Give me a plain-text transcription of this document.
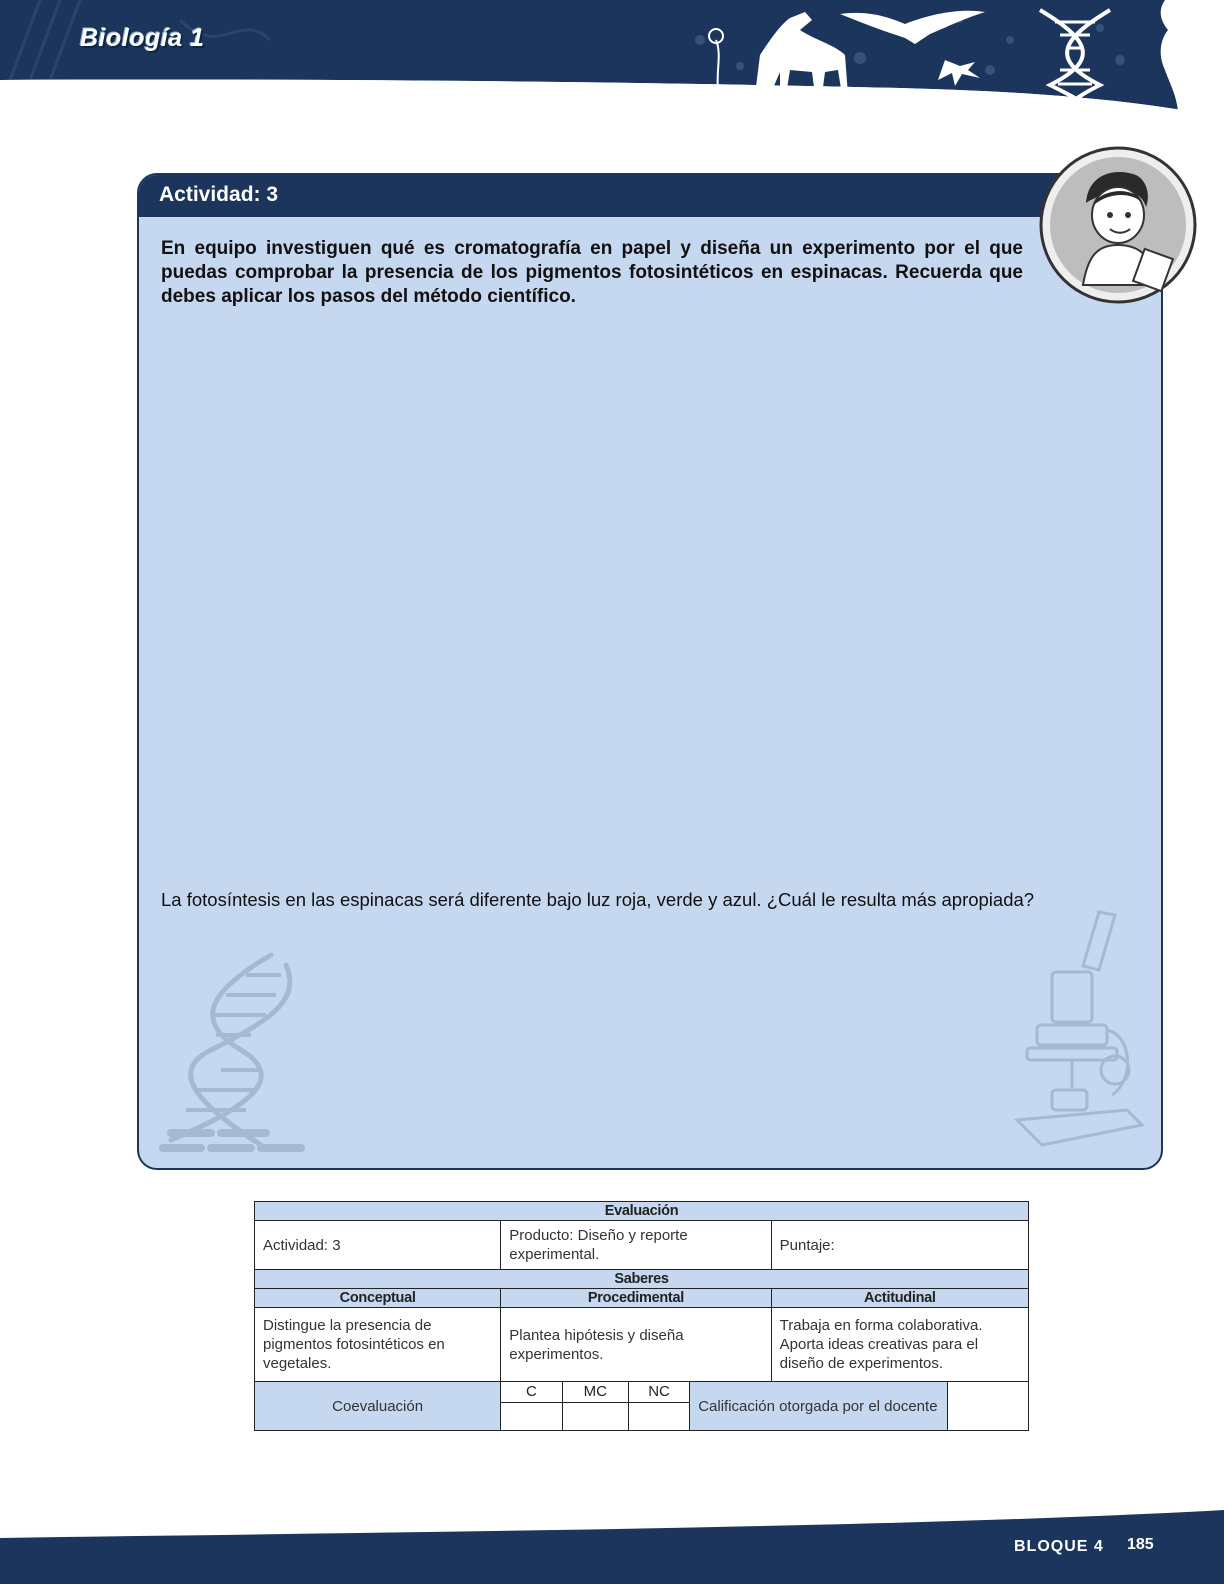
Biología 1
Actividad: 3
En equipo investiguen qué es cromatografía en papel y diseña un experimento por el que puedas comprobar la presencia de los pigmentos fotosintéticos en espinacas. Recuerda que debes aplicar los pasos del método científico.
La fotosíntesis en las espinacas será diferente bajo luz roja, verde y azul. ¿Cuál le resulta más apropiada?
Evaluación						
Actividad: 3	Producto: Diseño y reporte experimental.				Puntaje:	
Saberes						
Conceptual	Procedimental				Actitudinal	
Distingue la presencia de pigmentos fotosintéticos en vegetales.	Plantea hipótesis y diseña experimentos.				Trabaja en forma colaborativa. Aporta ideas creativas para el diseño de experimentos.	
Coevaluación	C	MC	NC	Calificación otorgada por el docente		

BLOQUE 4 185
